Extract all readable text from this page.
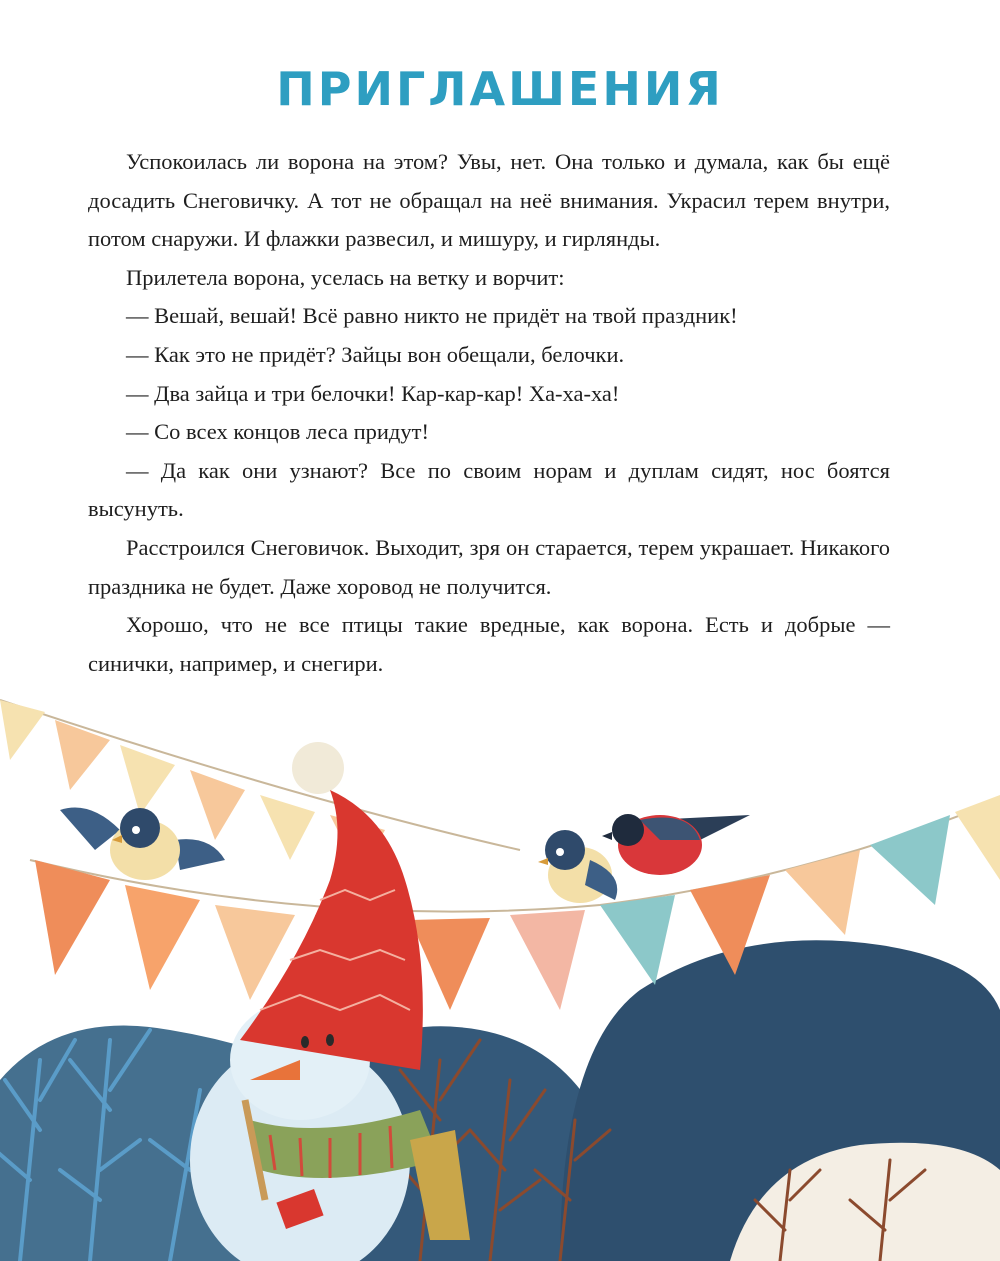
ПРИГЛАШЕНИЯ

Успокоилась ли ворона на этом? Увы, нет. Она только и думала, как бы ещё досадить Снеговичку. А тот не обращал на неё внимания. Украсил терем внутри, потом снаружи. И флажки развесил, и мишуру, и гирлянды.

Прилетела ворона, уселась на ветку и ворчит:

— Вешай, вешай! Всё равно никто не придёт на твой праздник!

— Как это не придёт? Зайцы вон обещали, белочки.

— Два зайца и три белочки! Кар-кар-кар! Ха-ха-ха!

— Со всех концов леса придут!

— Да как они узнают? Все по своим норам и дуплам сидят, нос боятся высунуть.

Расстроился Снеговичок. Выходит, зря он старается, терем украшает. Никакого праздника не будет. Даже хоровод не получится.

Хорошо, что не все птицы такие вредные, как ворона. Есть и добрые — синички, например, и снегири.
